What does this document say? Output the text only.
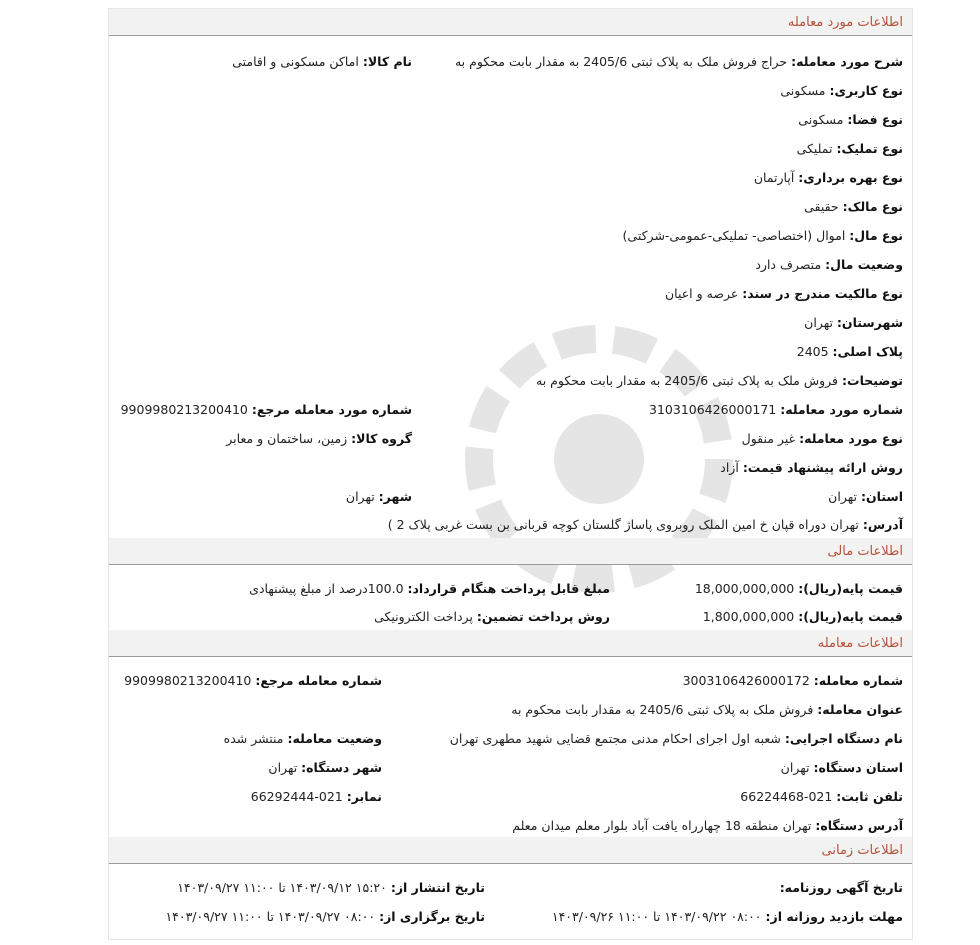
اطلاعات مورد معامله
شرح مورد معامله: حراج فروش ملک به پلاک ثبتی 2405/6 به مقدار بابت محکوم به
نام کالا: اماکن مسکونی و اقامتی
نوع کاربری: مسکونی
نوع فضا: مسکونی
نوع تملیک: تملیکی
نوع بهره برداری: آپارتمان
نوع مالک: حقیقی
نوع مال: اموال (اختصاصی- تملیکی-عمومی-شرکتی)
وضعیت مال: متصرف دارد
نوع مالکیت مندرج در سند: عرصه و اعیان
شهرستان: تهران
پلاک اصلی: 2405
توضیحات: فروش ملک به پلاک ثبتی 2405/6 به مقدار بابت محکوم به
شماره مورد معامله: 3103106426000171
شماره مورد معامله مرجع: 9909980213200410
نوع مورد معامله: غیر منقول
گروه کالا: زمین، ساختمان و معابر
روش ارائه پیشنهاد قیمت: آزاد
استان: تهران
شهر: تهران
آدرس: تهران دوراه قپان خ امین الملک روبروی پاساژ گلستان کوچه قربانی بن بست غربی پلاک 2 )
اطلاعات مالی
قیمت پایه(ریال): 18,000,000,000
مبلغ قابل پرداخت هنگام قرارداد: 100.0درصد از مبلغ پیشنهادی
قیمت پایه(ریال): 1,800,000,000
روش پرداخت تضمین: پرداخت الکترونیکی
اطلاعات معامله
شماره معامله: 3003106426000172
شماره معامله مرجع: 9909980213200410
عنوان معامله: فروش ملک به پلاک ثبتی 2405/6 به مقدار بابت محکوم به
نام دستگاه اجرایی: شعبه اول اجرای احکام مدنی مجتمع قضایی شهید مطهری تهران
وضعیت معامله: منتشر شده
استان دستگاه: تهران
شهر دستگاه: تهران
تلفن ثابت: 021-66224468
نمابر: 021-66292444
آدرس دستگاه: تهران منطقه 18 چهارراه یافت آباد بلوار معلم میدان معلم
اطلاعات زمانی
تاریخ آگهی روزنامه:
تاریخ انتشار از: ۱۵:۲۰ ۱۴۰۳/۰۹/۱۲ تا ۱۱:۰۰ ۱۴۰۳/۰۹/۲۷
مهلت بازدید روزانه از: ۰۸:۰۰ ۱۴۰۳/۰۹/۲۲ تا ۱۱:۰۰ ۱۴۰۳/۰۹/۲۶
تاریخ برگزاری از: ۰۸:۰۰ ۱۴۰۳/۰۹/۲۷ تا ۱۱:۰۰ ۱۴۰۳/۰۹/۲۷
